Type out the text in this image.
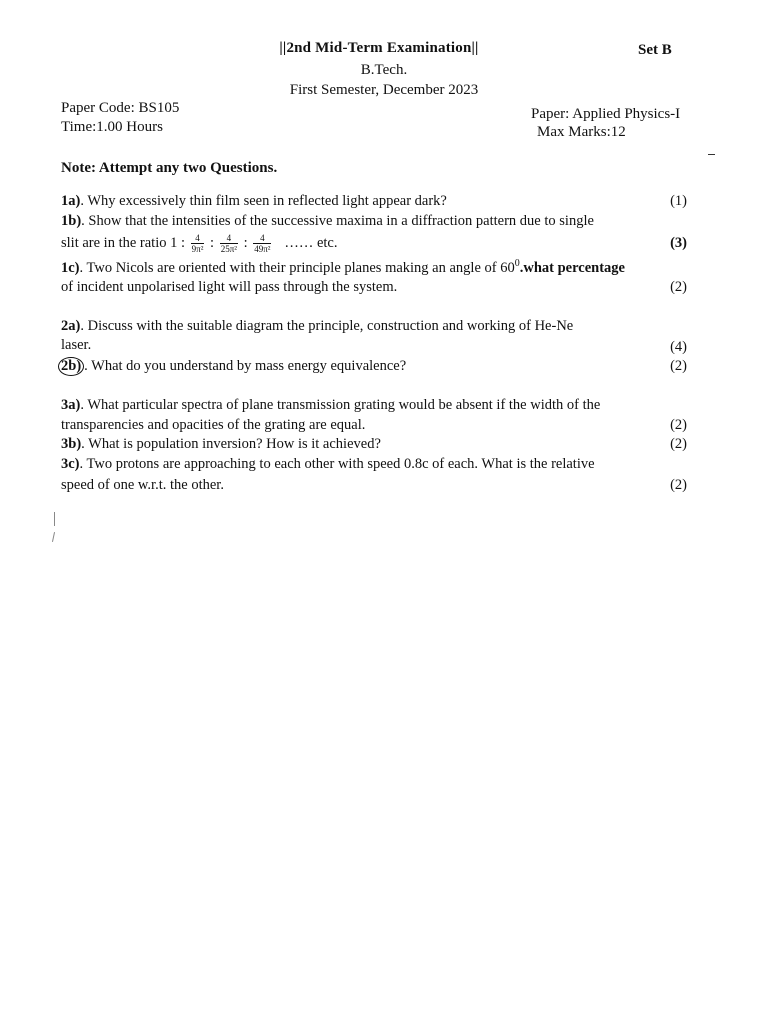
||2nd Mid-Term Examination||	Set B
B.Tech.
First Semester, December 2023
Paper Code: BS105
Time:1.00 Hours
Paper: Applied Physics-I
Max Marks:12
Note: Attempt any two Questions.
1a). Why excessively thin film seen in reflected light appear dark?	(1)
1b). Show that the intensities of the successive maxima in a diffraction pattern due to single
slit are in the ratio 1 : $\frac{4}{\text{9π²}}$ : $\frac{4}{\text{25π²}}$ : $\frac{4}{\text{49π²}}$ …… etc.	(3)
1c). Two Nicols are oriented with their principle planes making an angle of $60^0.what$ percentage
of incident unpolarised light will pass through the system.	(2)
2a). Discuss with the suitable diagram the principle, construction and working of He-Ne
laser.	(4)
2b) . What do you understand by mass energy equivalence?	(2)
3a). What particular spectra of plane transmission grating would be absent if the width of the
transparencies and opacities of the grating are equal.	(2)
3b). What is population inversion? How is it achieved?	(2)
3c). Two protons are approaching to each other with speed 0.8c of each. What is the relative
speed of one w.r.t. the other.	(2)
